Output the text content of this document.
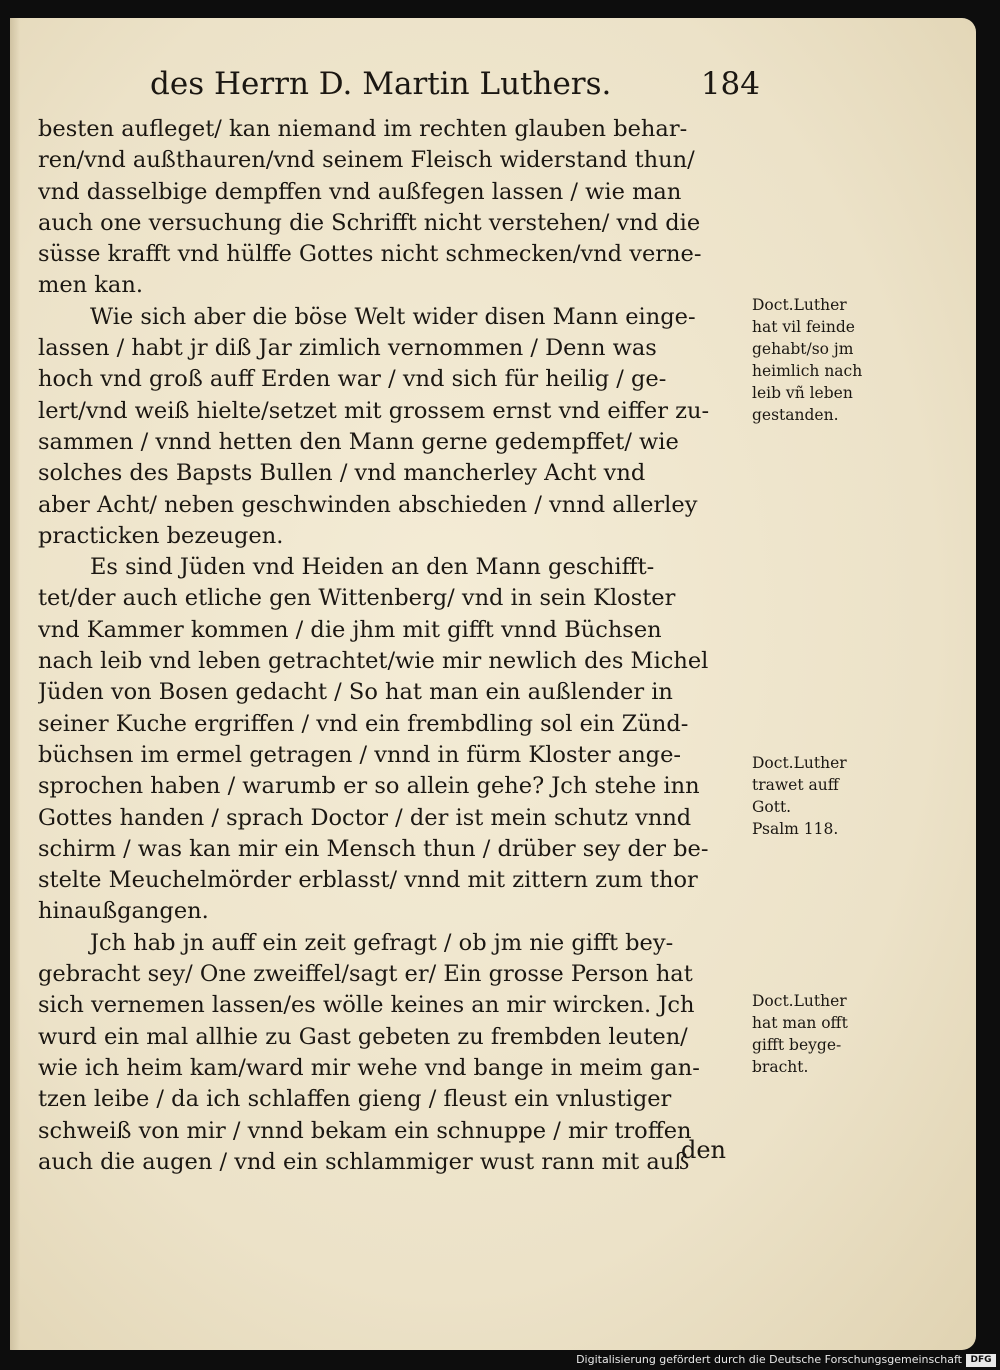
des Herrn D. Martin Luthers.	184
besten aufleget/ kan niemand im rechten glauben behar-
ren/vnd außthauren/vnd seinem Fleisch widerstand thun/
vnd dasselbige dempffen vnd außfegen lassen / wie man
auch one versuchung die Schrifft nicht verstehen/ vnd die
süsse krafft vnd hülffe Gottes nicht schmecken/vnd verne-
men kan.
Wie sich aber die böse Welt wider disen Mann einge-
lassen / habt jr diß Jar zimlich vernommen / Denn was
hoch vnd groß auff Erden war / vnd sich für heilig / ge-
lert/vnd weiß hielte/setzet mit grossem ernst vnd eiffer zu-
sammen / vnnd hetten den Mann gerne gedempffet/ wie
solches des Bapsts Bullen / vnd mancherley Acht vnd
aber Acht/ neben geschwinden abschieden / vnnd allerley
practicken bezeugen.
Es sind Jüden vnd Heiden an den Mann geschifft-
tet/der auch etliche gen Wittenberg/ vnd in sein Kloster
vnd Kammer kommen / die jhm mit gifft vnnd Büchsen
nach leib vnd leben getrachtet/wie mir newlich des Michel
Jüden von Bosen gedacht / So hat man ein außlender in
seiner Kuche ergriffen / vnd ein frembdling sol ein Zünd-
büchsen im ermel getragen / vnnd in fürm Kloster ange-
sprochen haben / warumb er so allein gehe? Jch stehe inn
Gottes handen / sprach Doctor / der ist mein schutz vnnd
schirm / was kan mir ein Mensch thun / drüber sey der be-
stelte Meuchelmörder erblasst/ vnnd mit zittern zum thor
hinaußgangen.
Jch hab jn auff ein zeit gefragt / ob jm nie gifft bey-
gebracht sey/ One zweiffel/sagt er/ Ein grosse Person hat
sich vernemen lassen/es wölle keines an mir wircken. Jch
wurd ein mal allhie zu Gast gebeten zu frembden leuten/
wie ich heim kam/ward mir wehe vnd bange in meim gan-
tzen leibe / da ich schlaffen gieng / fleust ein vnlustiger
schweiß von mir / vnnd bekam ein schnuppe / mir troffen
auch die augen / vnd ein schlammiger wust rann mit auß
den
Doct.Luther
hat vil feinde
gehabt/so jm
heimlich nach
leib vñ leben
gestanden.
Doct.Luther
trawet auff
Gott.
Psalm 118.
Doct.Luther
hat man offt
gifft beyge-
bracht.
Digitalisierung gefördert durch die Deutsche Forschungsgemeinschaft DFG
